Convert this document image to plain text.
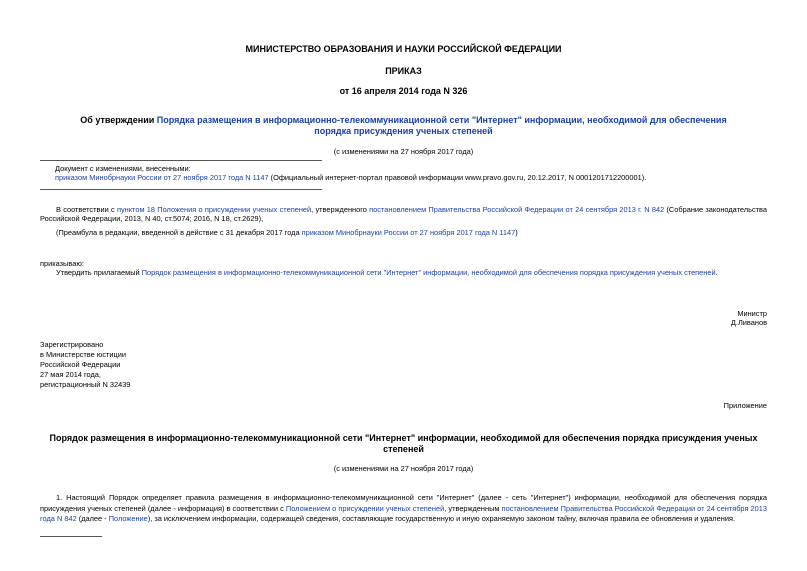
МИНИСТЕРСТВО ОБРАЗОВАНИЯ И НАУКИ РОССИЙСКОЙ ФЕДЕРАЦИИ
ПРИКАЗ
от 16 апреля 2014 года N 326
Об утверждении Порядка размещения в информационно-телекоммуникационной сети "Интернет" информации, необходимой для обеспечения порядка присуждения ученых степеней
(с изменениями на 27 ноября 2017 года)
Документ с изменениями, внесенными:
приказом Минобрнауки России от 27 ноября 2017 года N 1147 (Официальный интернет-портал правовой информации www.pravo.gov.ru, 20.12.2017, N 0001201712200001).
В соответствии с пунктом 18 Положения о присуждении ученых степеней, утвержденного постановлением Правительства Российской Федерации от 24 сентября 2013 г. N 842 (Собрание законодательства Российской Федерации, 2013, N 40, ст.5074; 2016, N 18, ст.2629),
(Преамбула в редакции, введенной в действие с 31 декабря 2017 года приказом Минобрнауки России от 27 ноября 2017 года N 1147)
приказываю:
Утвердить прилагаемый Порядок размещения в информационно-телекоммуникационной сети "Интернет" информации, необходимой для обеспечения порядка присуждения ученых степеней.
Министр
Д.Ливанов
Зарегистрировано
в Министерстве юстиции
Российской Федерации
27 мая 2014 года,
регистрационный N 32439
Приложение
Порядок размещения в информационно-телекоммуникационной сети "Интернет" информации, необходимой для обеспечения порядка присуждения ученых степеней
(с изменениями на 27 ноября 2017 года)
1. Настоящий Порядок определяет правила размещения в информационно-телекоммуникационной сети "Интернет" (далее - сеть "Интернет") информации, необходимой для обеспечения порядка присуждения ученых степеней (далее - информация) в соответствии с Положением о присуждении ученых степеней, утвержденным постановлением Правительства Российской Федерации от 24 сентября 2013 года N 842 (далее - Положение), за исключением информации, содержащей сведения, составляющие государственную и иную охраняемую законом тайну, включая правила ее обновления и удаления.
